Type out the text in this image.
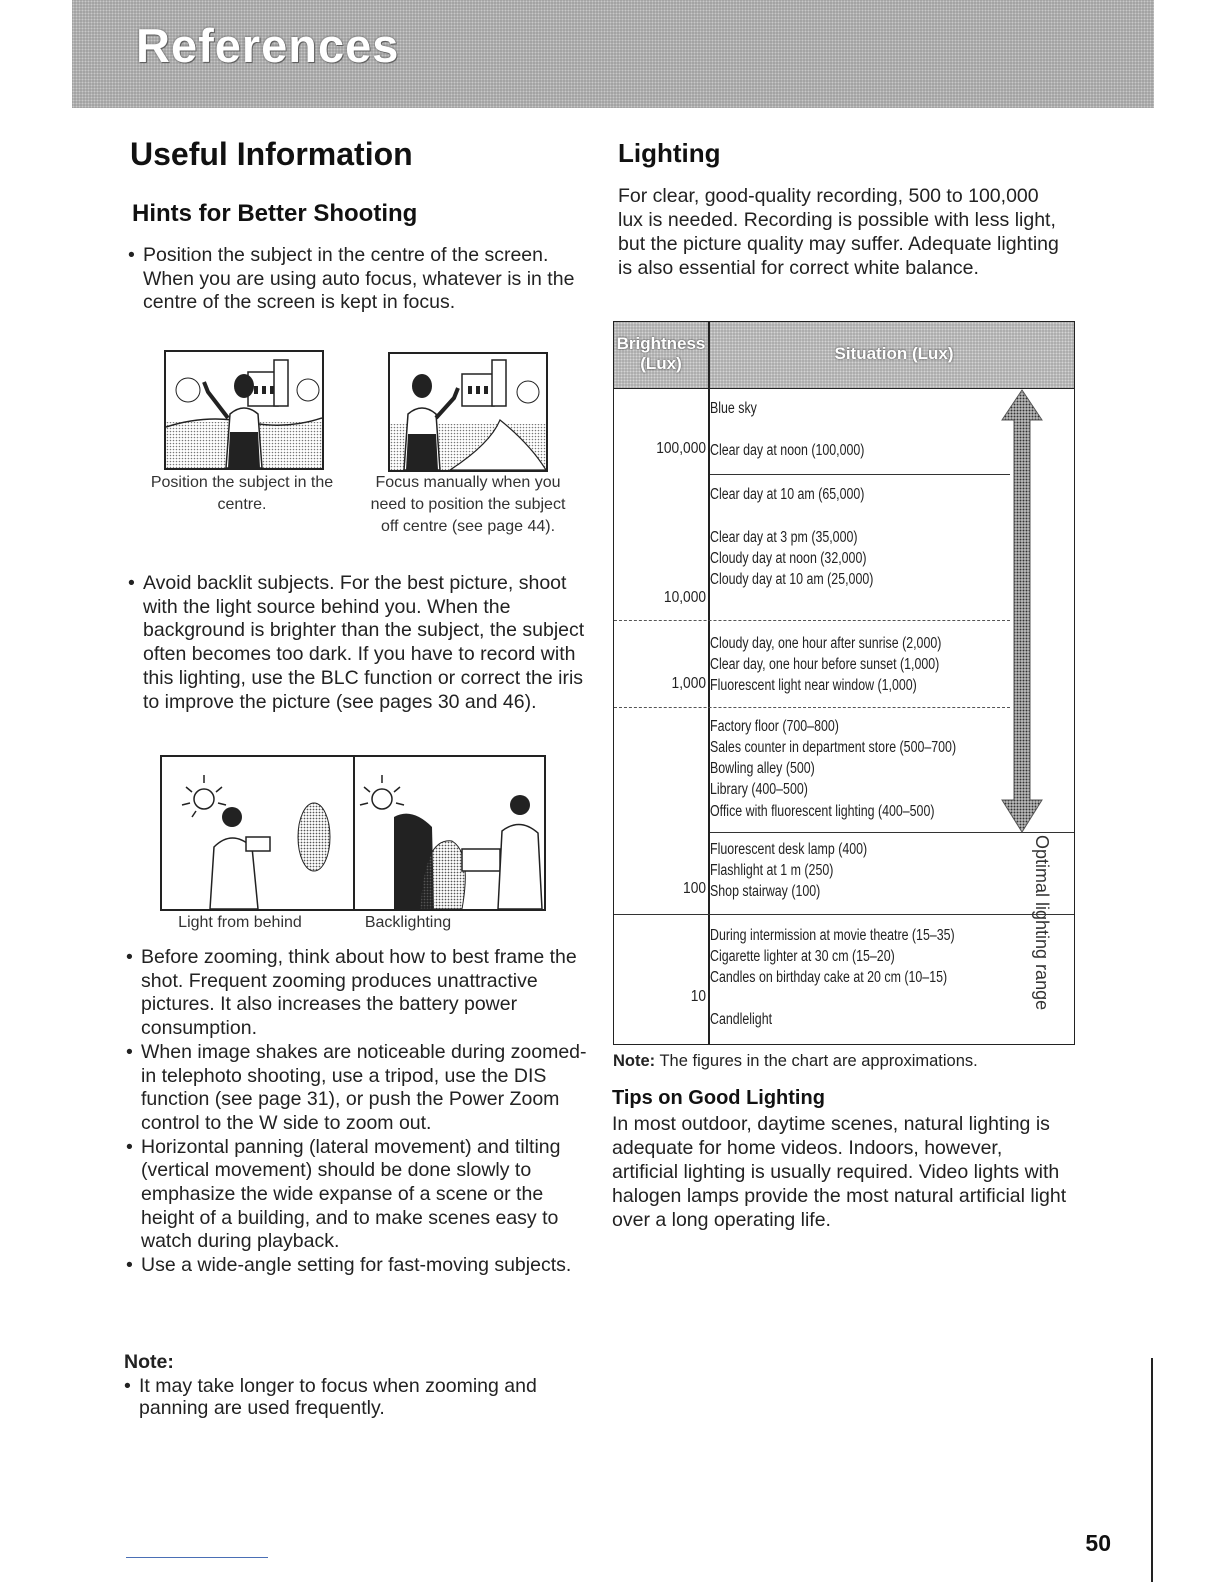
References
Useful Information
Hints for Better Shooting
• Position the subject in the centre of the screen. When you are using auto focus, whatever is in the centre of the screen is kept in focus.
Position the subject in the centre.
Focus manually when you need to position the subject off centre (see page 44).
• Avoid backlit subjects. For the best picture, shoot with the light source behind you. When the background is brighter than the subject, the subject often becomes too dark. If you have to record with this lighting, use the BLC function or correct the iris to improve the picture (see pages 30 and 46).
Light from behind	Backlighting
• Before zooming, think about how to best frame the shot. Frequent zooming produces unattractive pictures. It also increases the battery power consumption.
• When image shakes are noticeable during zoomed-in telephoto shooting, use a tripod, use the DIS function (see page 31), or push the Power Zoom control to the W side to zoom out.
• Horizontal panning (lateral movement) and tilting (vertical movement) should be done slowly to emphasize the wide expanse of a scene or the height of a building, and to make scenes easy to watch during playback.
• Use a wide-angle setting for fast-moving subjects.
Note:
• It may take longer to focus when zooming and panning are used frequently.
Lighting
For clear, good-quality recording, 500 to 100,000 lux is needed. Recording is possible with less light, but the picture quality may suffer. Adequate lighting is also essential for correct white balance.
Brightness
(Lux)
Situation (Lux)
100,000
10,000
1,000
100
10
Blue sky
Clear day at noon (100,000)
Clear day at 10 am (65,000)
Clear day at 3 pm (35,000)
Cloudy day at noon (32,000)
Cloudy day at 10 am (25,000)
Cloudy day, one hour after sunrise (2,000)
Clear day, one hour before sunset (1,000)
Fluorescent light near window (1,000)
Factory floor (700–800)
Sales counter in department store (500–700)
Bowling alley (500)
Library (400–500)
Office with fluorescent lighting (400–500)
Fluorescent desk lamp (400)
Flashlight at 1 m (250)
Shop stairway (100)
During intermission at movie theatre (15–35)
Cigarette lighter at 30 cm (15–20)
Candles on birthday cake at 20 cm (10–15)
Candlelight
Optimal lighting range
Note: The figures in the chart are approximations.
Tips on Good Lighting
In most outdoor, daytime scenes, natural lighting is adequate for home videos. Indoors, however, artificial lighting is usually required. Video lights with halogen lamps provide the most natural artificial light over a long operating life.
50
